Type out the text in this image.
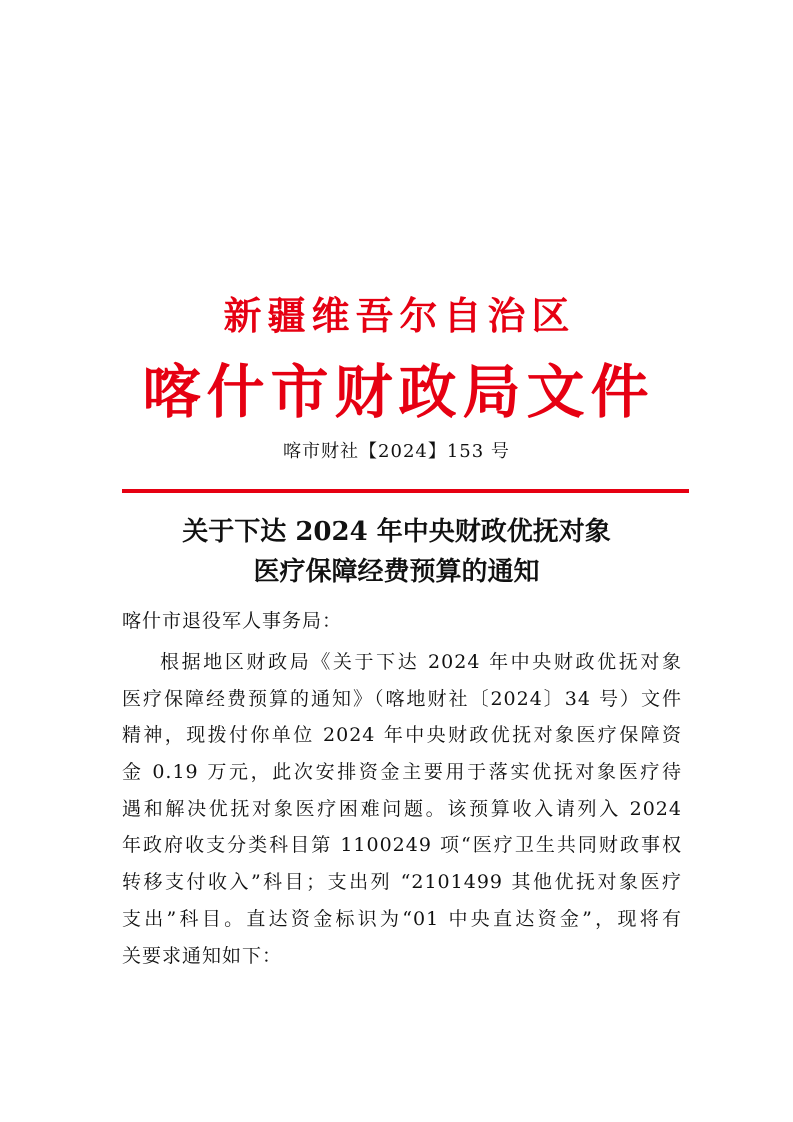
新疆维吾尔自治区
喀什市财政局文件
喀市财社【2024】153 号
关于下达 2024 年中央财政优抚对象
医疗保障经费预算的通知
喀什市退役军人事务局：
根据地区财政局《关于下达 2024 年中央财政优抚对象
医疗保障经费预算的通知》（喀地财社〔2024〕34 号）文件
精神，现拨付你单位 2024 年中央财政优抚对象医疗保障资
金 0.19 万元，此次安排资金主要用于落实优抚对象医疗待
遇和解决优抚对象医疗困难问题。该预算收入请列入 2024
年政府收支分类科目第 1100249 项“医疗卫生共同财政事权
转移支付收入”科目；支出列 “2101499 其他优抚对象医疗
支出”科目。直达资金标识为“01 中央直达资金”，现将有
关要求通知如下：
